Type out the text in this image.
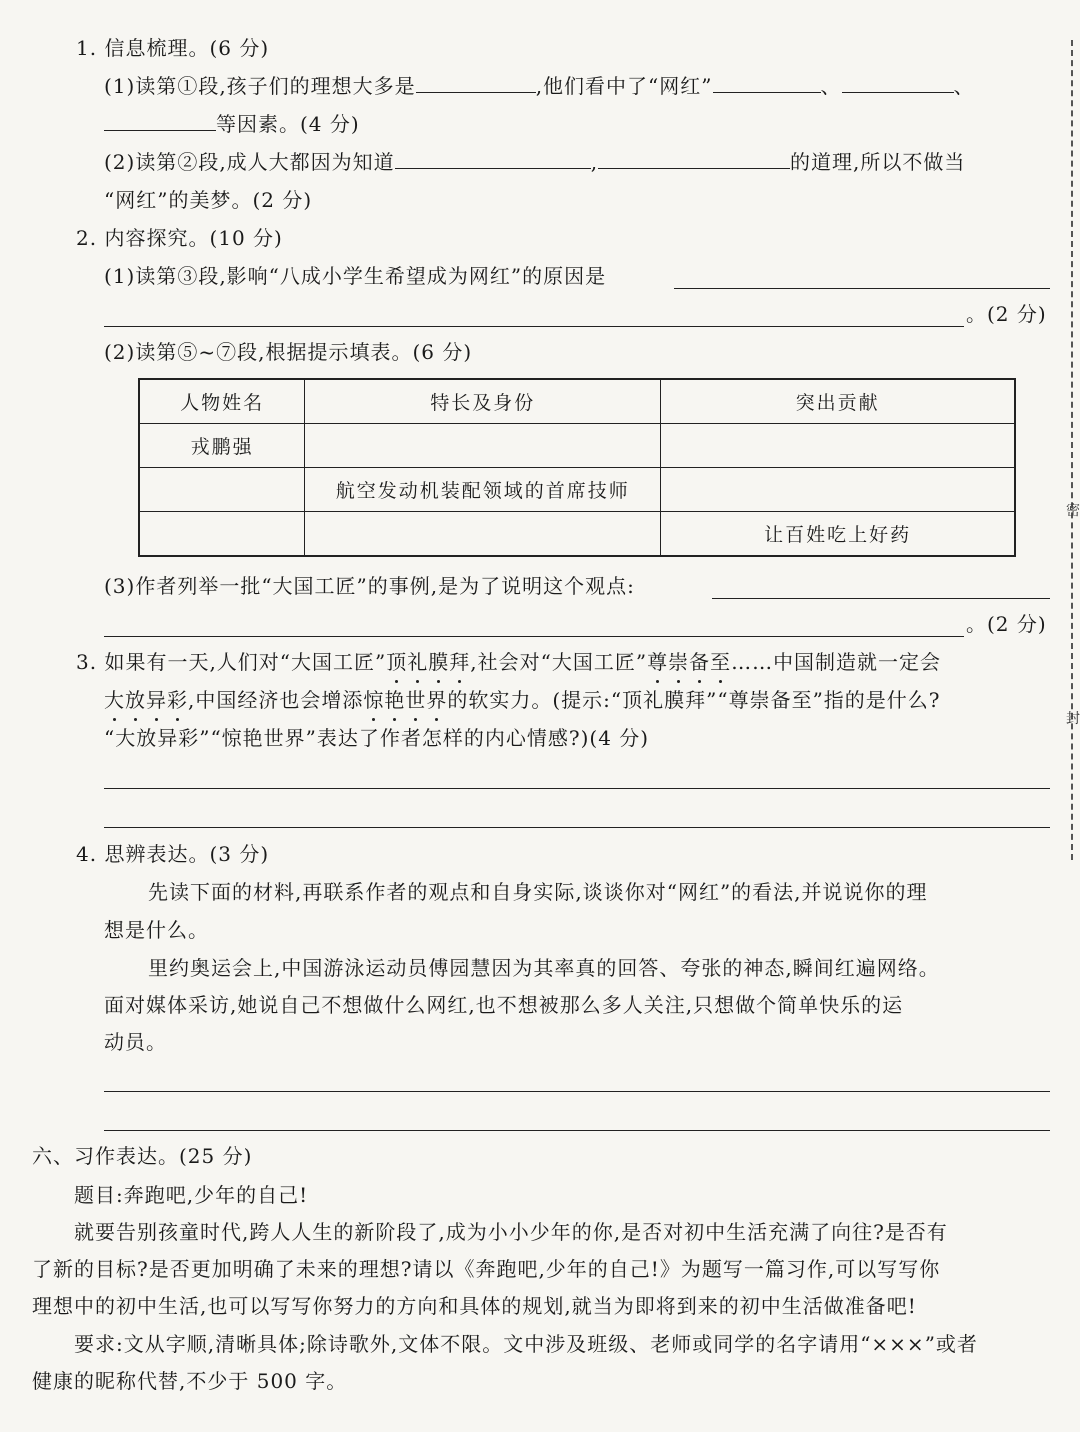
1. 信息梳理。(6 分)
(1)读第①段,孩子们的理想大多是	,他们看中了“网红”	、	、
等因素。(4 分)
(2)读第②段,成人大都因为知道	,	的道理,所以不做当
“网红”的美梦。(2 分)
2. 内容探究。(10 分)
(1)读第③段,影响“八成小学生希望成为网红”的原因是
。(2 分)
(2)读第⑤~⑦段,根据提示填表。(6 分)
人物姓名	特长及身份	突出贡献
戎鹏强		
	航空发动机装配领域的首席技师	
		让百姓吃上好药
(3)作者列举一批“大国工匠”的事例,是为了说明这个观点:
。(2 分)
3. 如果有一天,人们对“大国工匠”顶礼膜拜,社会对“大国工匠”尊崇备至……中国制造就一定会
大放异彩,中国经济也会增添惊艳世界的软实力。(提示:“顶礼膜拜”“尊崇备至”指的是什么?
“大放异彩”“惊艳世界”表达了作者怎样的内心情感?)(4 分)
4. 思辨表达。(3 分)
先读下面的材料,再联系作者的观点和自身实际,谈谈你对“网红”的看法,并说说你的理
想是什么。
里约奥运会上,中国游泳运动员傅园慧因为其率真的回答、夸张的神态,瞬间红遍网络。
面对媒体采访,她说自己不想做什么网红,也不想被那么多人关注,只想做个简单快乐的运
动员。
六、习作表达。(25 分)
题目:奔跑吧,少年的自己!
就要告别孩童时代,跨人人生的新阶段了,成为小小少年的你,是否对初中生活充满了向往?是否有
了新的目标?是否更加明确了未来的理想?请以《奔跑吧,少年的自己!》为题写一篇习作,可以写写你
理想中的初中生活,也可以写写你努力的方向和具体的规划,就当为即将到来的初中生活做准备吧!
要求:文从字顺,清晰具体;除诗歌外,文体不限。文中涉及班级、老师或同学的名字请用“×××”或者
健康的昵称代替,不少于 500 字。
密
封
